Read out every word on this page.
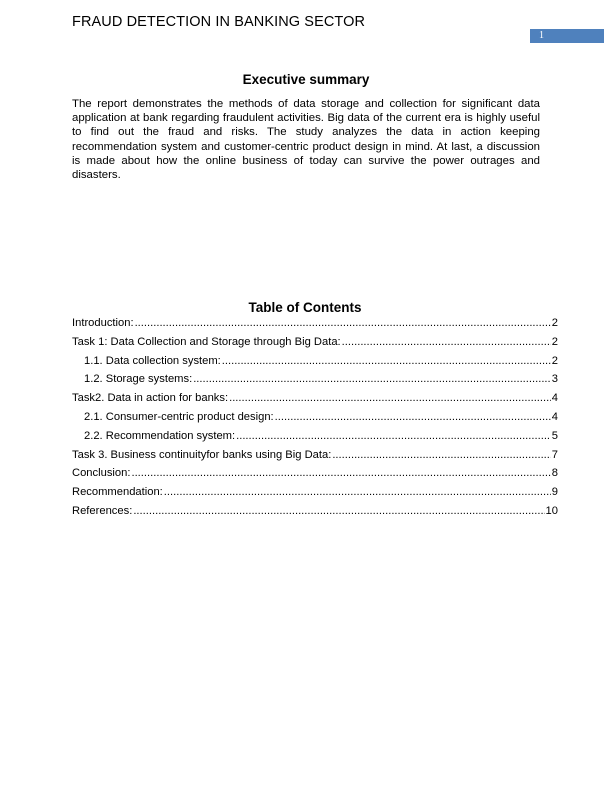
FRAUD DETECTION IN BANKING SECTOR
1
Executive summary

The report demonstrates the methods of data storage and collection for significant data application at bank regarding fraudulent activities. Big data of the current era is highly useful to find out the fraud and risks. The study analyzes the data in action keeping recommendation system and customer-centric product design in mind. At last, a discussion is made about how the online business of today can survive the power outrages and disasters.

Table of Contents
Introduction: .....	2
Task 1: Data Collection and Storage through Big Data: .....	2
1.1. Data collection system: .....	2
1.2. Storage systems: .....	3
Task2. Data in action for banks: .....	4
2.1. Consumer-centric product design: .....	4
2.2. Recommendation system: .....	5
Task 3. Business continuityfor banks using Big Data: .....	7
Conclusion: .....	8
Recommendation: .....	9
References: .....	10
